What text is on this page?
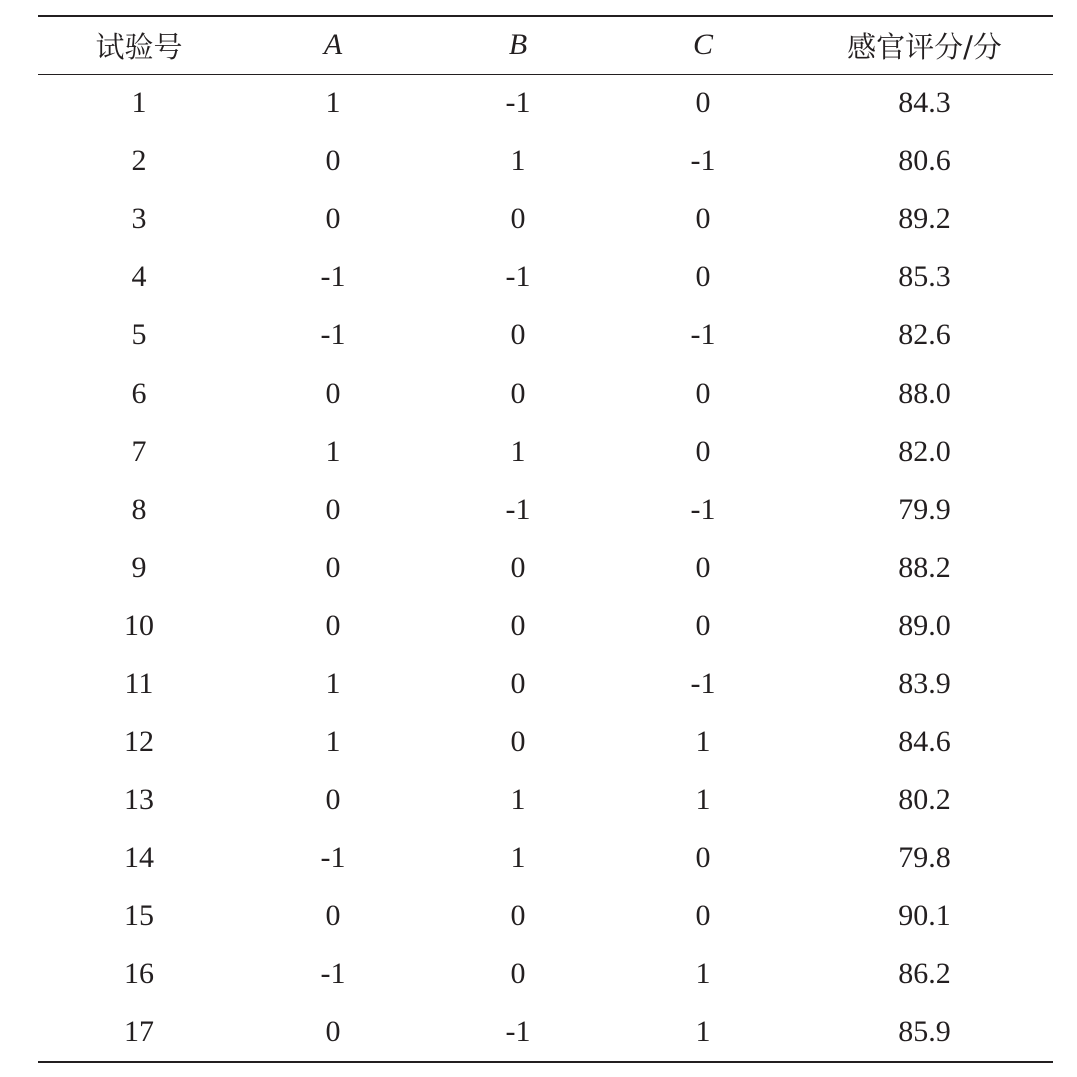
试验号	A	B	C	感官评分/分
1	1	-1	0	84.3
2	0	1	-1	80.6
3	0	0	0	89.2
4	-1	-1	0	85.3
5	-1	0	-1	82.6
6	0	0	0	88.0
7	1	1	0	82.0
8	0	-1	-1	79.9
9	0	0	0	88.2
10	0	0	0	89.0
11	1	0	-1	83.9
12	1	0	1	84.6
13	0	1	1	80.2
14	-1	1	0	79.8
15	0	0	0	90.1
16	-1	0	1	86.2
17	0	-1	1	85.9
